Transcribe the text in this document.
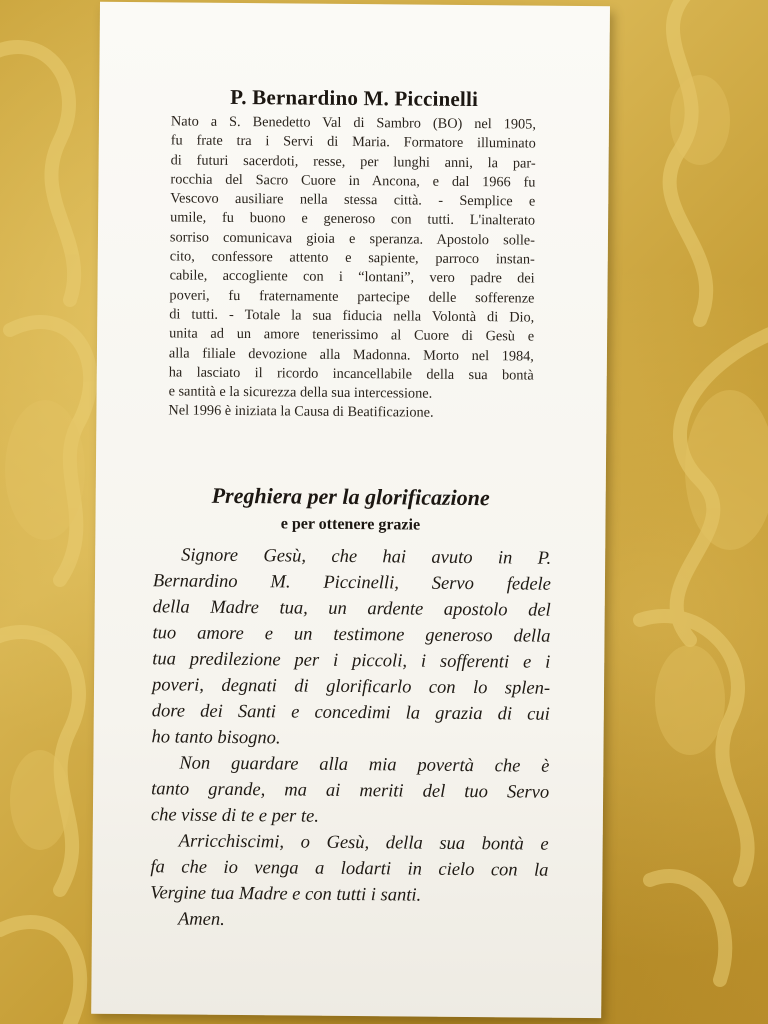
P. Bernardino M. Piccinelli
Nato a S. Benedetto Val di Sambro (BO) nel 1905,
fu frate tra i Servi di Maria. Formatore illuminato
di futuri sacerdoti, resse, per lunghi anni, la par-
rocchia del Sacro Cuore in Ancona, e dal 1966 fu
Vescovo ausiliare nella stessa città. - Semplice e
umile, fu buono e generoso con tutti. L'inalterato
sorriso comunicava gioia e speranza. Apostolo solle-
cito, confessore attento e sapiente, parroco instan-
cabile, accogliente con i “lontani”, vero padre dei
poveri, fu fraternamente partecipe delle sofferenze
di tutti. - Totale la sua fiducia nella Volontà di Dio,
unita ad un amore tenerissimo al Cuore di Gesù e
alla filiale devozione alla Madonna. Morto nel 1984,
ha lasciato il ricordo incancellabile della sua bontà
e santità e la sicurezza della sua intercessione.
Nel 1996 è iniziata la Causa di Beatificazione.
Preghiera per la glorificazione
e per ottenere grazie
Signore Gesù, che hai avuto in P.
Bernardino M. Piccinelli, Servo fedele
della Madre tua, un ardente apostolo del
tuo amore e un testimone generoso della
tua predilezione per i piccoli, i sofferenti e i
poveri, degnati di glorificarlo con lo splen-
dore dei Santi e concedimi la grazia di cui
ho tanto bisogno.
Non guardare alla mia povertà che è
tanto grande, ma ai meriti del tuo Servo
che visse di te e per te.
Arricchiscimi, o Gesù, della sua bontà e
fa che io venga a lodarti in cielo con la
Vergine tua Madre e con tutti i santi.
Amen.
